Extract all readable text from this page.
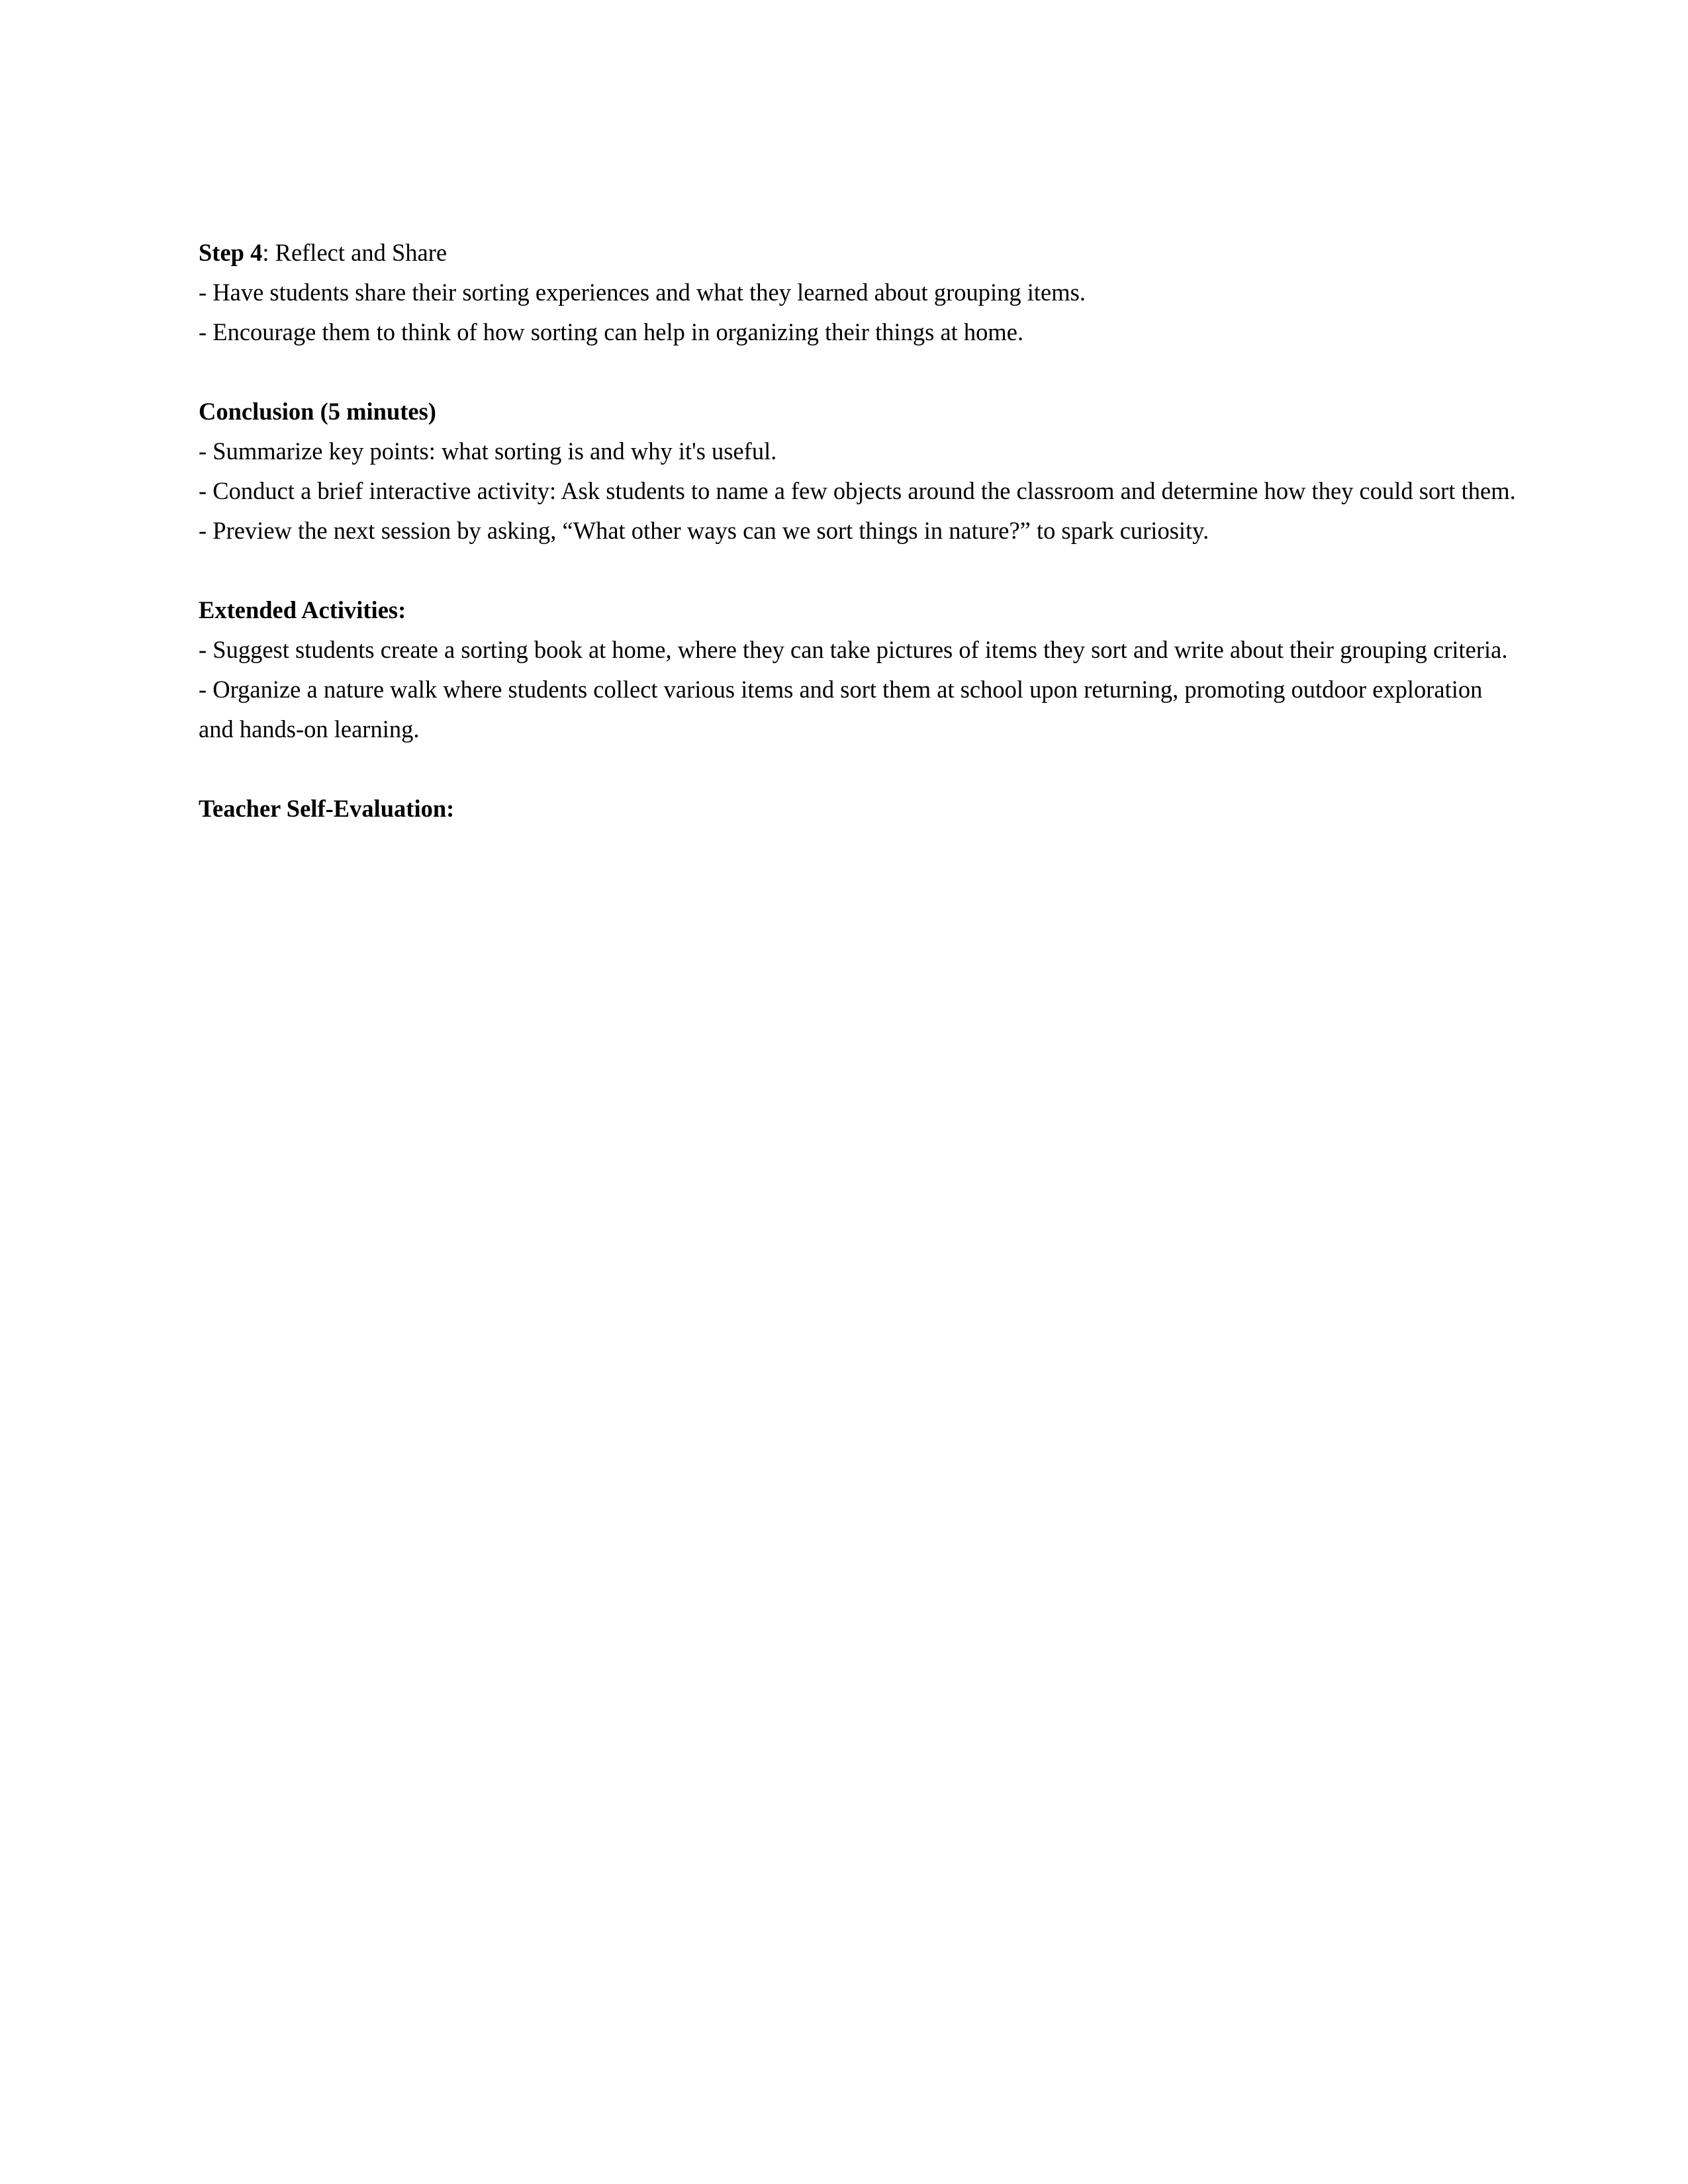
Step 4: Reflect and Share

- Have students share their sorting experiences and what they learned about grouping items.

- Encourage them to think of how sorting can help in organizing their things at home.

Conclusion (5 minutes)

- Summarize key points: what sorting is and why it's useful.

- Conduct a brief interactive activity: Ask students to name a few objects around the classroom and determine how they could sort them.

- Preview the next session by asking, “What other ways can we sort things in nature?” to spark curiosity.

Extended Activities:

- Suggest students create a sorting book at home, where they can take pictures of items they sort and write about their grouping criteria.

- Organize a nature walk where students collect various items and sort them at school upon returning, promoting outdoor exploration and hands-on learning.

Teacher Self-Evaluation:
